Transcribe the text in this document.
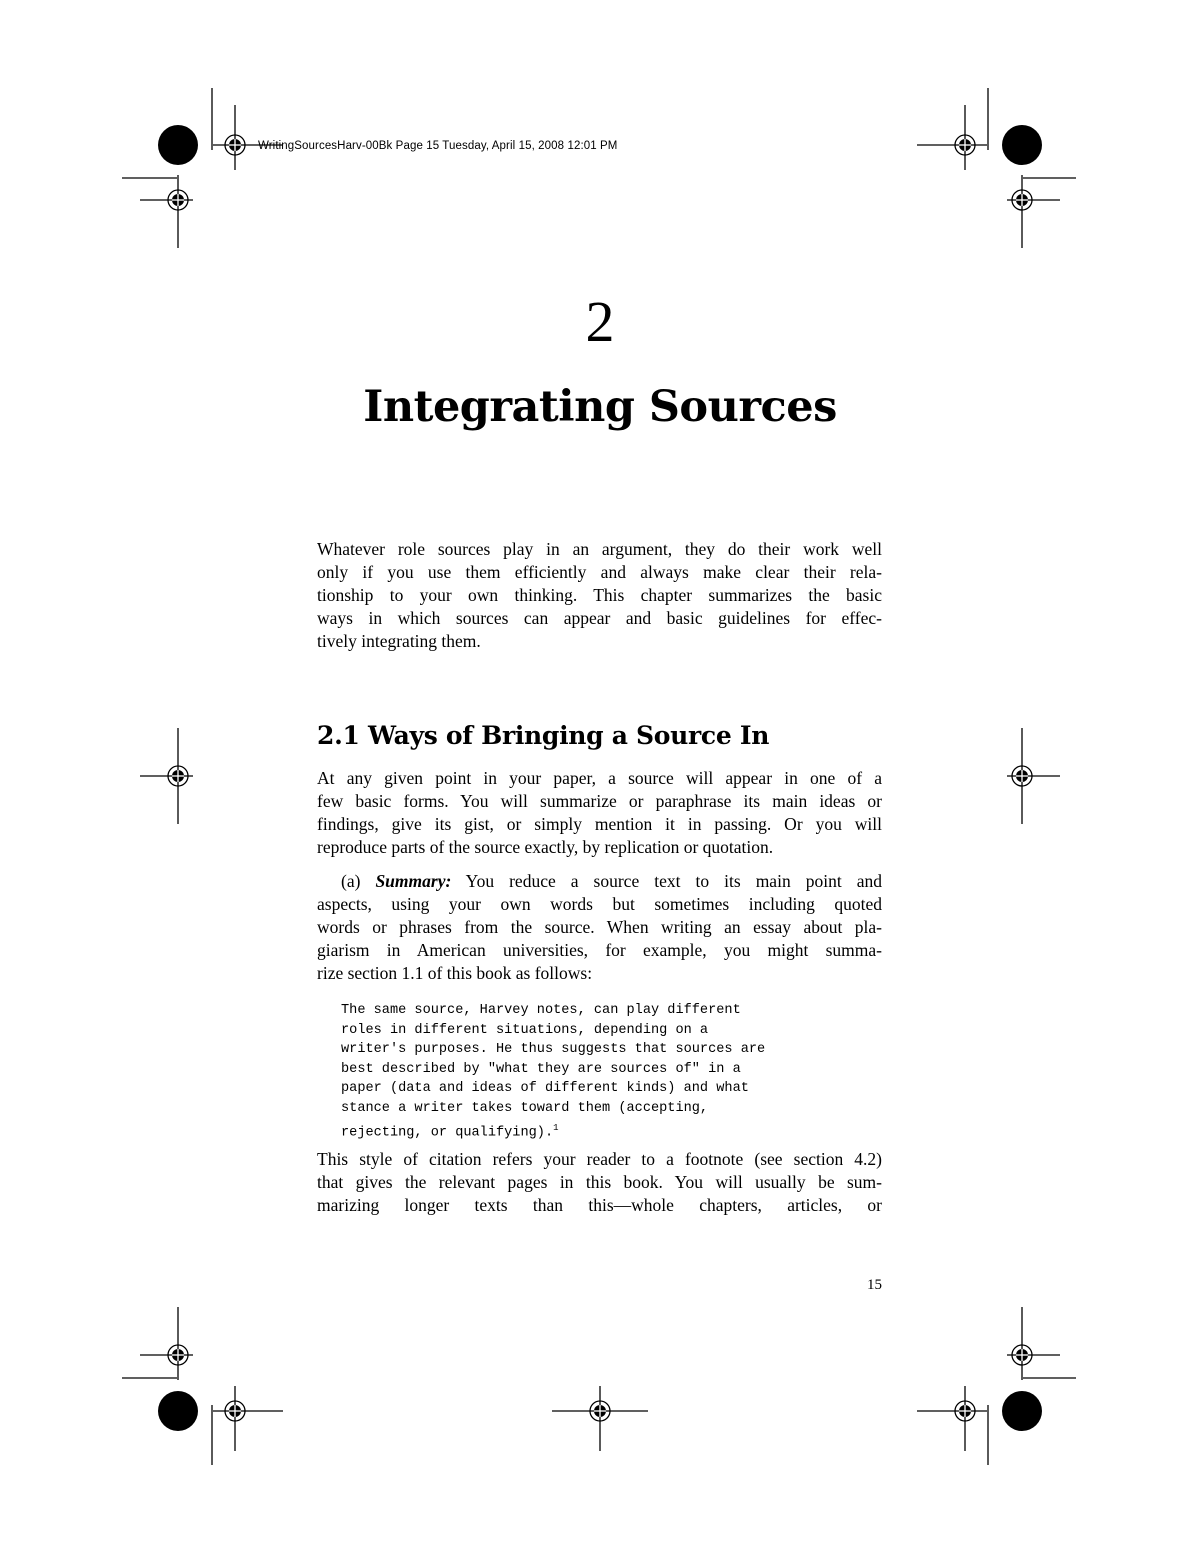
WritingSourcesHarv-00Bk Page 15 Tuesday, April 15, 2008 12:01 PM
2
Integrating Sources
Whatever role sources play in an argument, they do their work well
only if you use them efficiently and always make clear their rela-
tionship to your own thinking. This chapter summarizes the basic
ways in which sources can appear and basic guidelines for effec-
tively integrating them.
2.1 Ways of Bringing a Source In
At any given point in your paper, a source will appear in one of a
few basic forms. You will summarize or paraphrase its main ideas or
findings, give its gist, or simply mention it in passing. Or you will
reproduce parts of the source exactly, by replication or quotation.
(a) Summary: You reduce a source text to its main point and
aspects, using your own words but sometimes including quoted
words or phrases from the source. When writing an essay about pla-
giarism in American universities, for example, you might summa-
rize section 1.1 of this book as follows:
The same source, Harvey notes, can play different
roles in different situations, depending on a
writer's purposes. He thus suggests that sources are
best described by "what they are sources of" in a
paper (data and ideas of different kinds) and what
stance a writer takes toward them (accepting,
rejecting, or qualifying).$^1$
This style of citation refers your reader to a footnote (see section 4.2)
that gives the relevant pages in this book. You will usually be sum-
marizing longer texts than this—whole chapters, articles, or
15
